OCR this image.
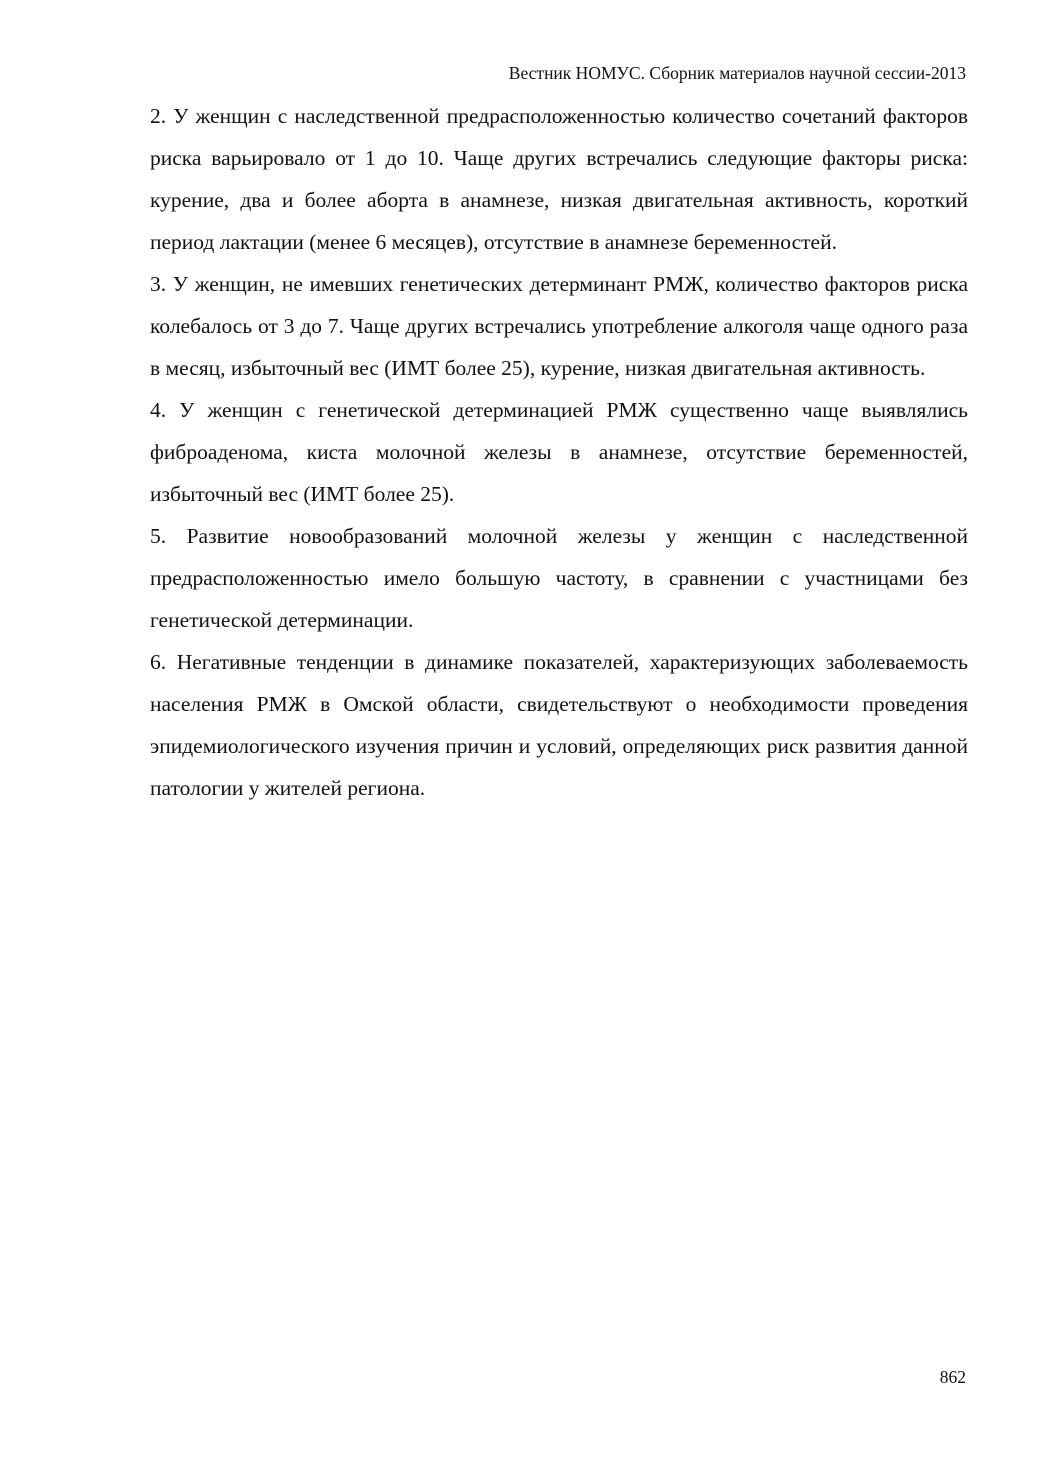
Вестник НОМУС. Сборник материалов научной сессии-2013

2. У женщин с наследственной предрасположенностью количество сочетаний факторов риска варьировало от 1 до 10. Чаще других встречались следующие факторы риска: курение, два и более аборта в анамнезе, низкая двигательная активность, короткий период лактации (менее 6 месяцев), отсутствие в анамнезе беременностей.

3. У женщин, не имевших генетических детерминант РМЖ, количество факторов риска колебалось от 3 до 7. Чаще других встречались употребление алкоголя чаще одного раза в месяц, избыточный вес (ИМТ более 25), курение, низкая двигательная активность.

4. У женщин с генетической детерминацией РМЖ существенно чаще выявлялись фиброаденома, киста молочной железы в анамнезе, отсутствие беременностей, избыточный вес (ИМТ более 25).

5. Развитие новообразований молочной железы у женщин с наследственной предрасположенностью имело большую частоту, в сравнении с участницами без генетической детерминации.

6. Негативные тенденции в динамике показателей, характеризующих заболеваемость населения РМЖ в Омской области, свидетельствуют о необходимости проведения эпидемиологического изучения причин и условий, определяющих риск развития данной патологии у жителей региона.

862
